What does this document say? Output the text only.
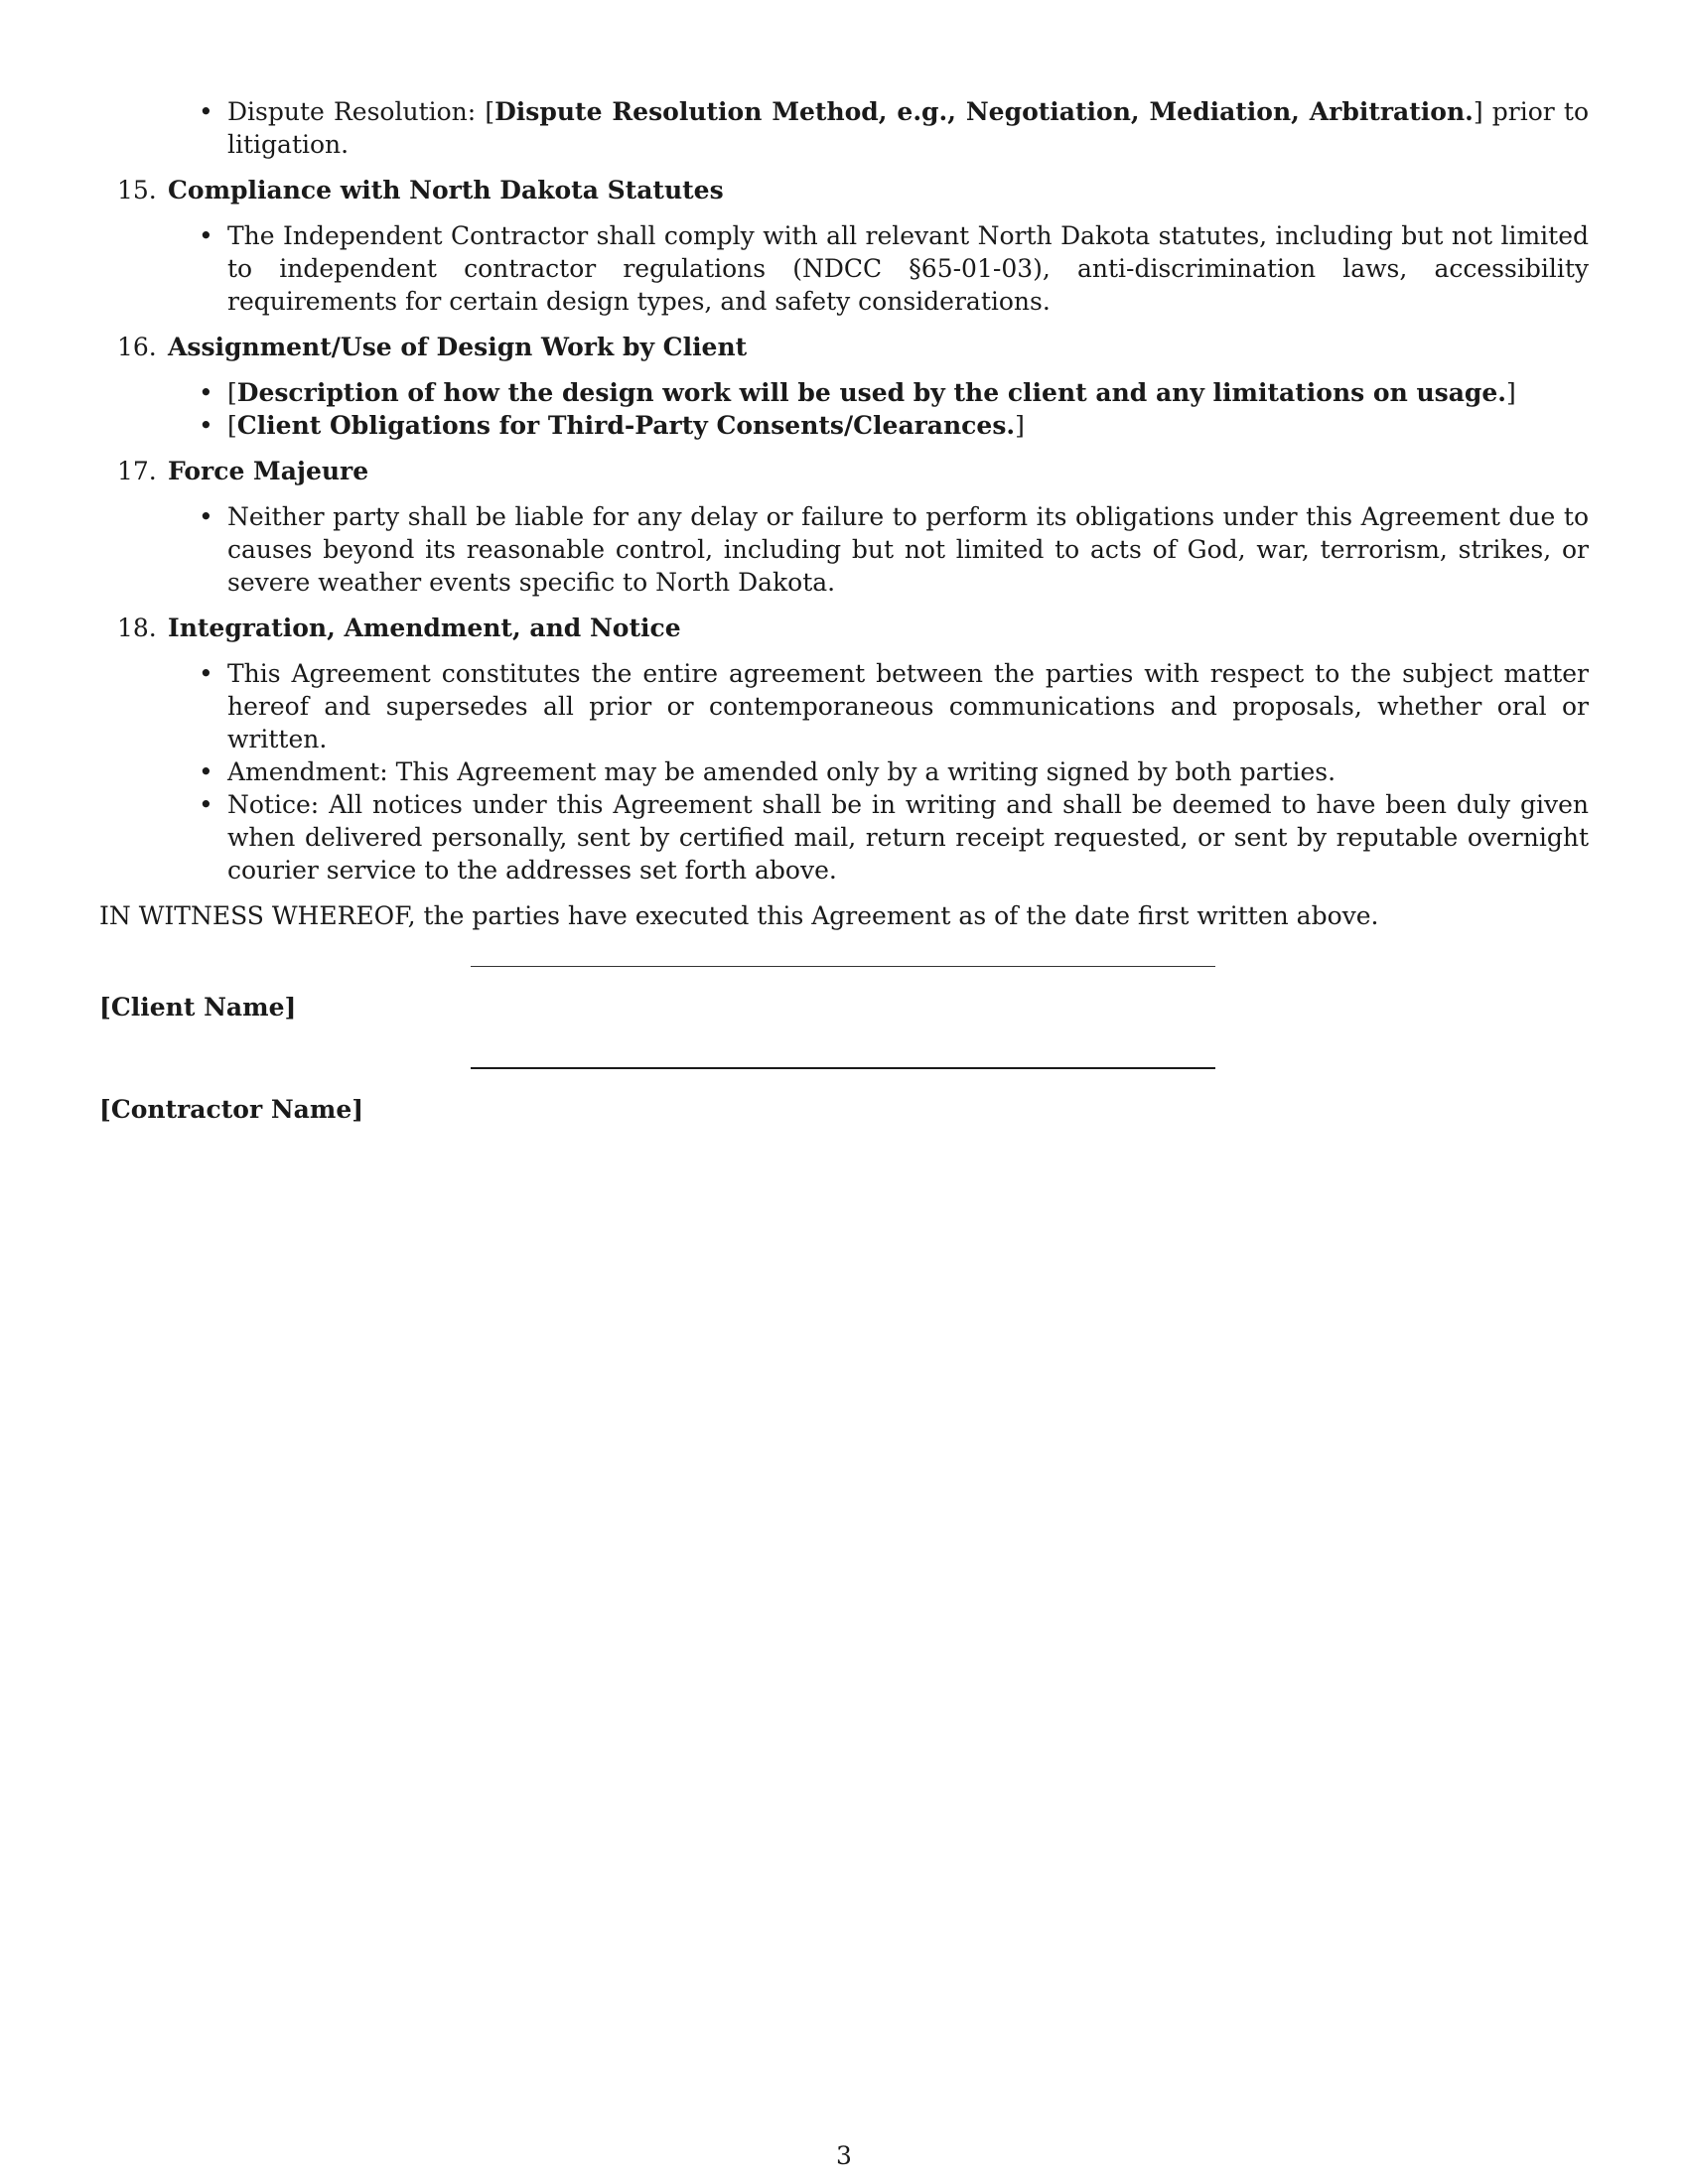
• Dispute Resolution: [Dispute Resolution Method, e.g., Negotiation, Mediation, Arbitration.] prior to litigation.
15. Compliance with North Dakota Statutes
• The Independent Contractor shall comply with all relevant North Dakota statutes, including but not limited to independent contractor regulations (NDCC §65-01-03), anti-discrimination laws, accessibility requirements for certain design types, and safety considerations.
16. Assignment/Use of Design Work by Client
• [Description of how the design work will be used by the client and any limitations on usage.]
• [Client Obligations for Third-Party Consents/Clearances.]
17. Force Majeure
• Neither party shall be liable for any delay or failure to perform its obligations under this Agreement due to causes beyond its reasonable control, including but not limited to acts of God, war, terrorism, strikes, or severe weather events specific to North Dakota.
18. Integration, Amendment, and Notice
• This Agreement constitutes the entire agreement between the parties with respect to the subject matter hereof and supersedes all prior or contemporaneous communications and proposals, whether oral or written.
• Amendment: This Agreement may be amended only by a writing signed by both parties.
• Notice: All notices under this Agreement shall be in writing and shall be deemed to have been duly given when delivered personally, sent by certified mail, return receipt requested, or sent by reputable overnight courier service to the addresses set forth above.

IN WITNESS WHEREOF, the parties have executed this Agreement as of the date first written above.

[Client Name]
[Contractor Name]
3
